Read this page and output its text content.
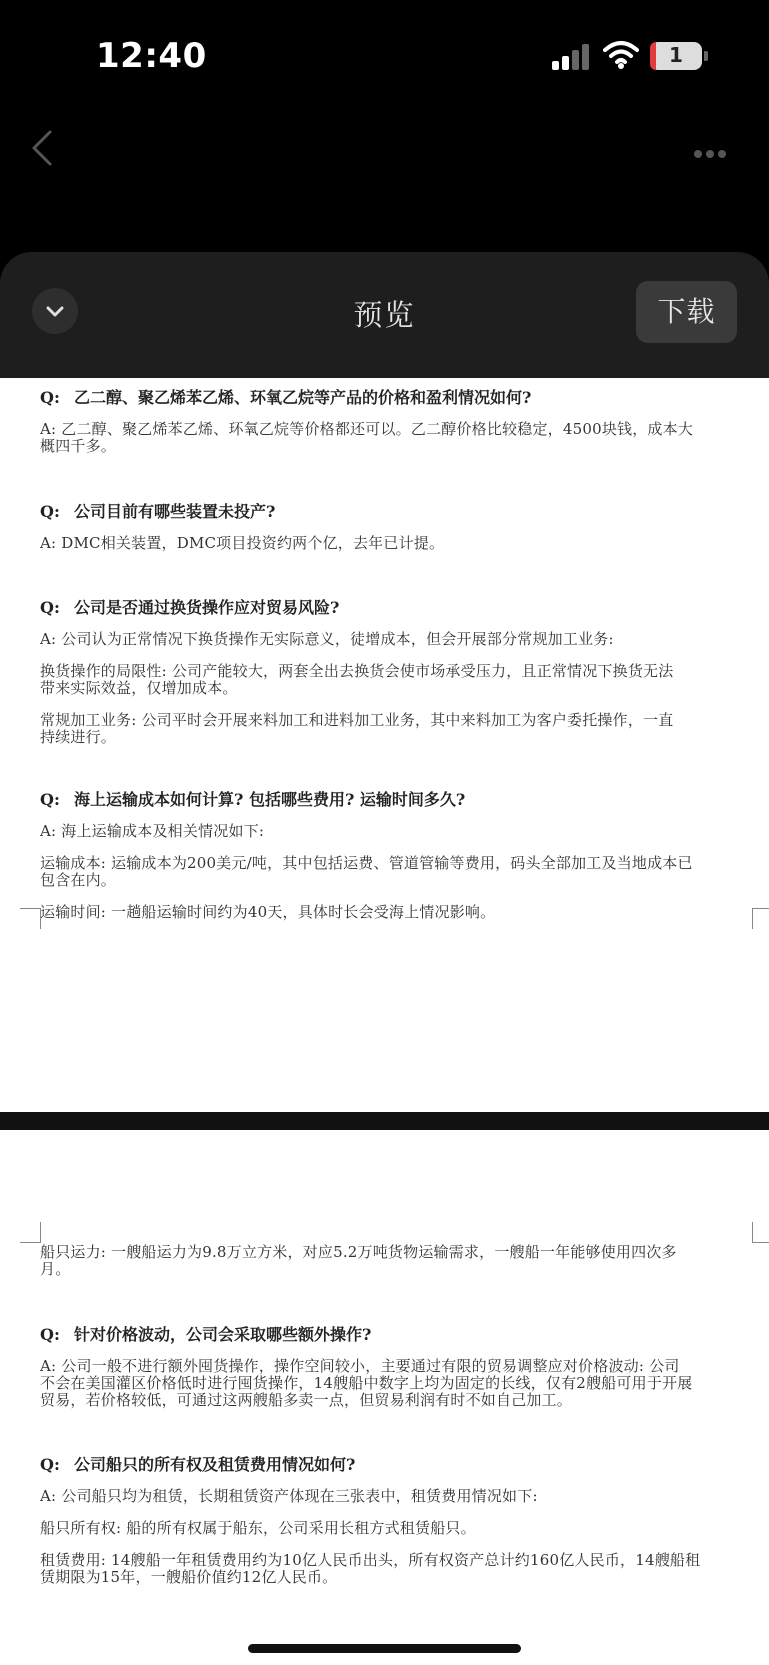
12:40	1
预览	下载
Q: 乙二醇、聚乙烯苯乙烯、环氧乙烷等产品的价格和盈利情况如何?
A: 乙二醇、聚乙烯苯乙烯、环氧乙烷等价格都还可以。乙二醇价格比较稳定，4500块钱，成本大
概四千多。
Q: 公司目前有哪些装置未投产?
A: DMC相关装置，DMC项目投资约两个亿，去年已计提。
Q: 公司是否通过换货操作应对贸易风险?
A: 公司认为正常情况下换货操作无实际意义，徒增成本，但会开展部分常规加工业务:
换货操作的局限性: 公司产能较大，两套全出去换货会使市场承受压力，且正常情况下换货无法
带来实际效益，仅增加成本。
常规加工业务: 公司平时会开展来料加工和进料加工业务，其中来料加工为客户委托操作，一直
持续进行。
Q: 海上运输成本如何计算? 包括哪些费用? 运输时间多久?
A: 海上运输成本及相关情况如下:
运输成本: 运输成本为200美元/吨，其中包括运费、管道管输等费用，码头全部加工及当地成本已
包含在内。
运输时间: 一趟船运输时间约为40天，具体时长会受海上情况影响。
船只运力: 一艘船运力为9.8万立方米，对应5.2万吨货物运输需求，一艘船一年能够使用四次多
月。
Q: 针对价格波动，公司会采取哪些额外操作?
A: 公司一般不进行额外囤货操作，操作空间较小，主要通过有限的贸易调整应对价格波动: 公司
不会在美国灌区价格低时进行囤货操作，14艘船中数字上均为固定的长线，仅有2艘船可用于开展
贸易，若价格较低，可通过这两艘船多卖一点，但贸易利润有时不如自己加工。
Q: 公司船只的所有权及租赁费用情况如何?
A: 公司船只均为租赁，长期租赁资产体现在三张表中，租赁费用情况如下:
船只所有权: 船的所有权属于船东，公司采用长租方式租赁船只。
租赁费用: 14艘船一年租赁费用约为10亿人民币出头，所有权资产总计约160亿人民币，14艘船租
赁期限为15年，一艘船价值约12亿人民币。
